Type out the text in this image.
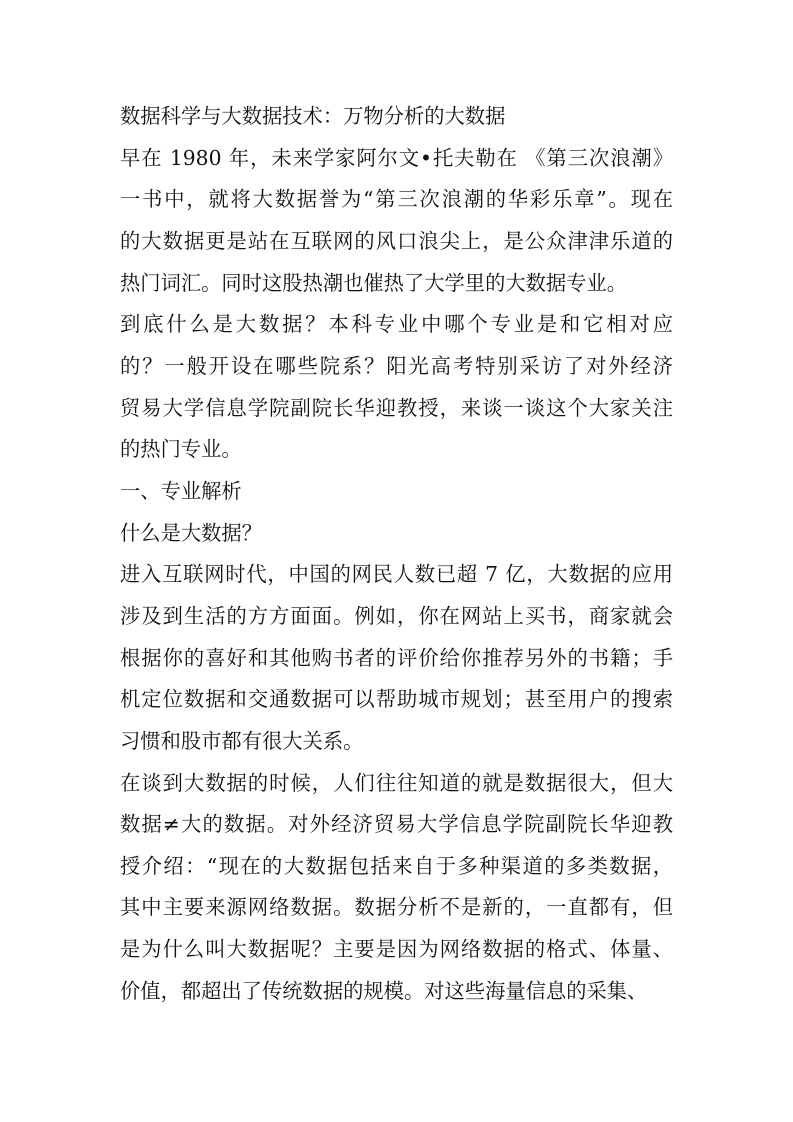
数据科学与大数据技术：万物分析的大数据
早在 1980 年，未来学家阿尔文•托夫勒在 《第三次浪潮》
一书中，就将大数据誉为“第三次浪潮的华彩乐章”。现在
的大数据更是站在互联网的风口浪尖上，是公众津津乐道的
热门词汇。同时这股热潮也催热了大学里的大数据专业。
到底什么是大数据？本科专业中哪个专业是和它相对应
的？一般开设在哪些院系？阳光高考特别采访了对外经济
贸易大学信息学院副院长华迎教授，来谈一谈这个大家关注
的热门专业。
一、专业解析
什么是大数据？
进入互联网时代，中国的网民人数已超 7 亿，大数据的应用
涉及到生活的方方面面。例如，你在网站上买书，商家就会
根据你的喜好和其他购书者的评价给你推荐另外的书籍；手
机定位数据和交通数据可以帮助城市规划；甚至用户的搜索
习惯和股市都有很大关系。
在谈到大数据的时候，人们往往知道的就是数据很大，但大
数据≠大的数据。对外经济贸易大学信息学院副院长华迎教
授介绍：“现在的大数据包括来自于多种渠道的多类数据，
其中主要来源网络数据。数据分析不是新的，一直都有，但
是为什么叫大数据呢？主要是因为网络数据的格式、体量、
价值，都超出了传统数据的规模。对这些海量信息的采集、
